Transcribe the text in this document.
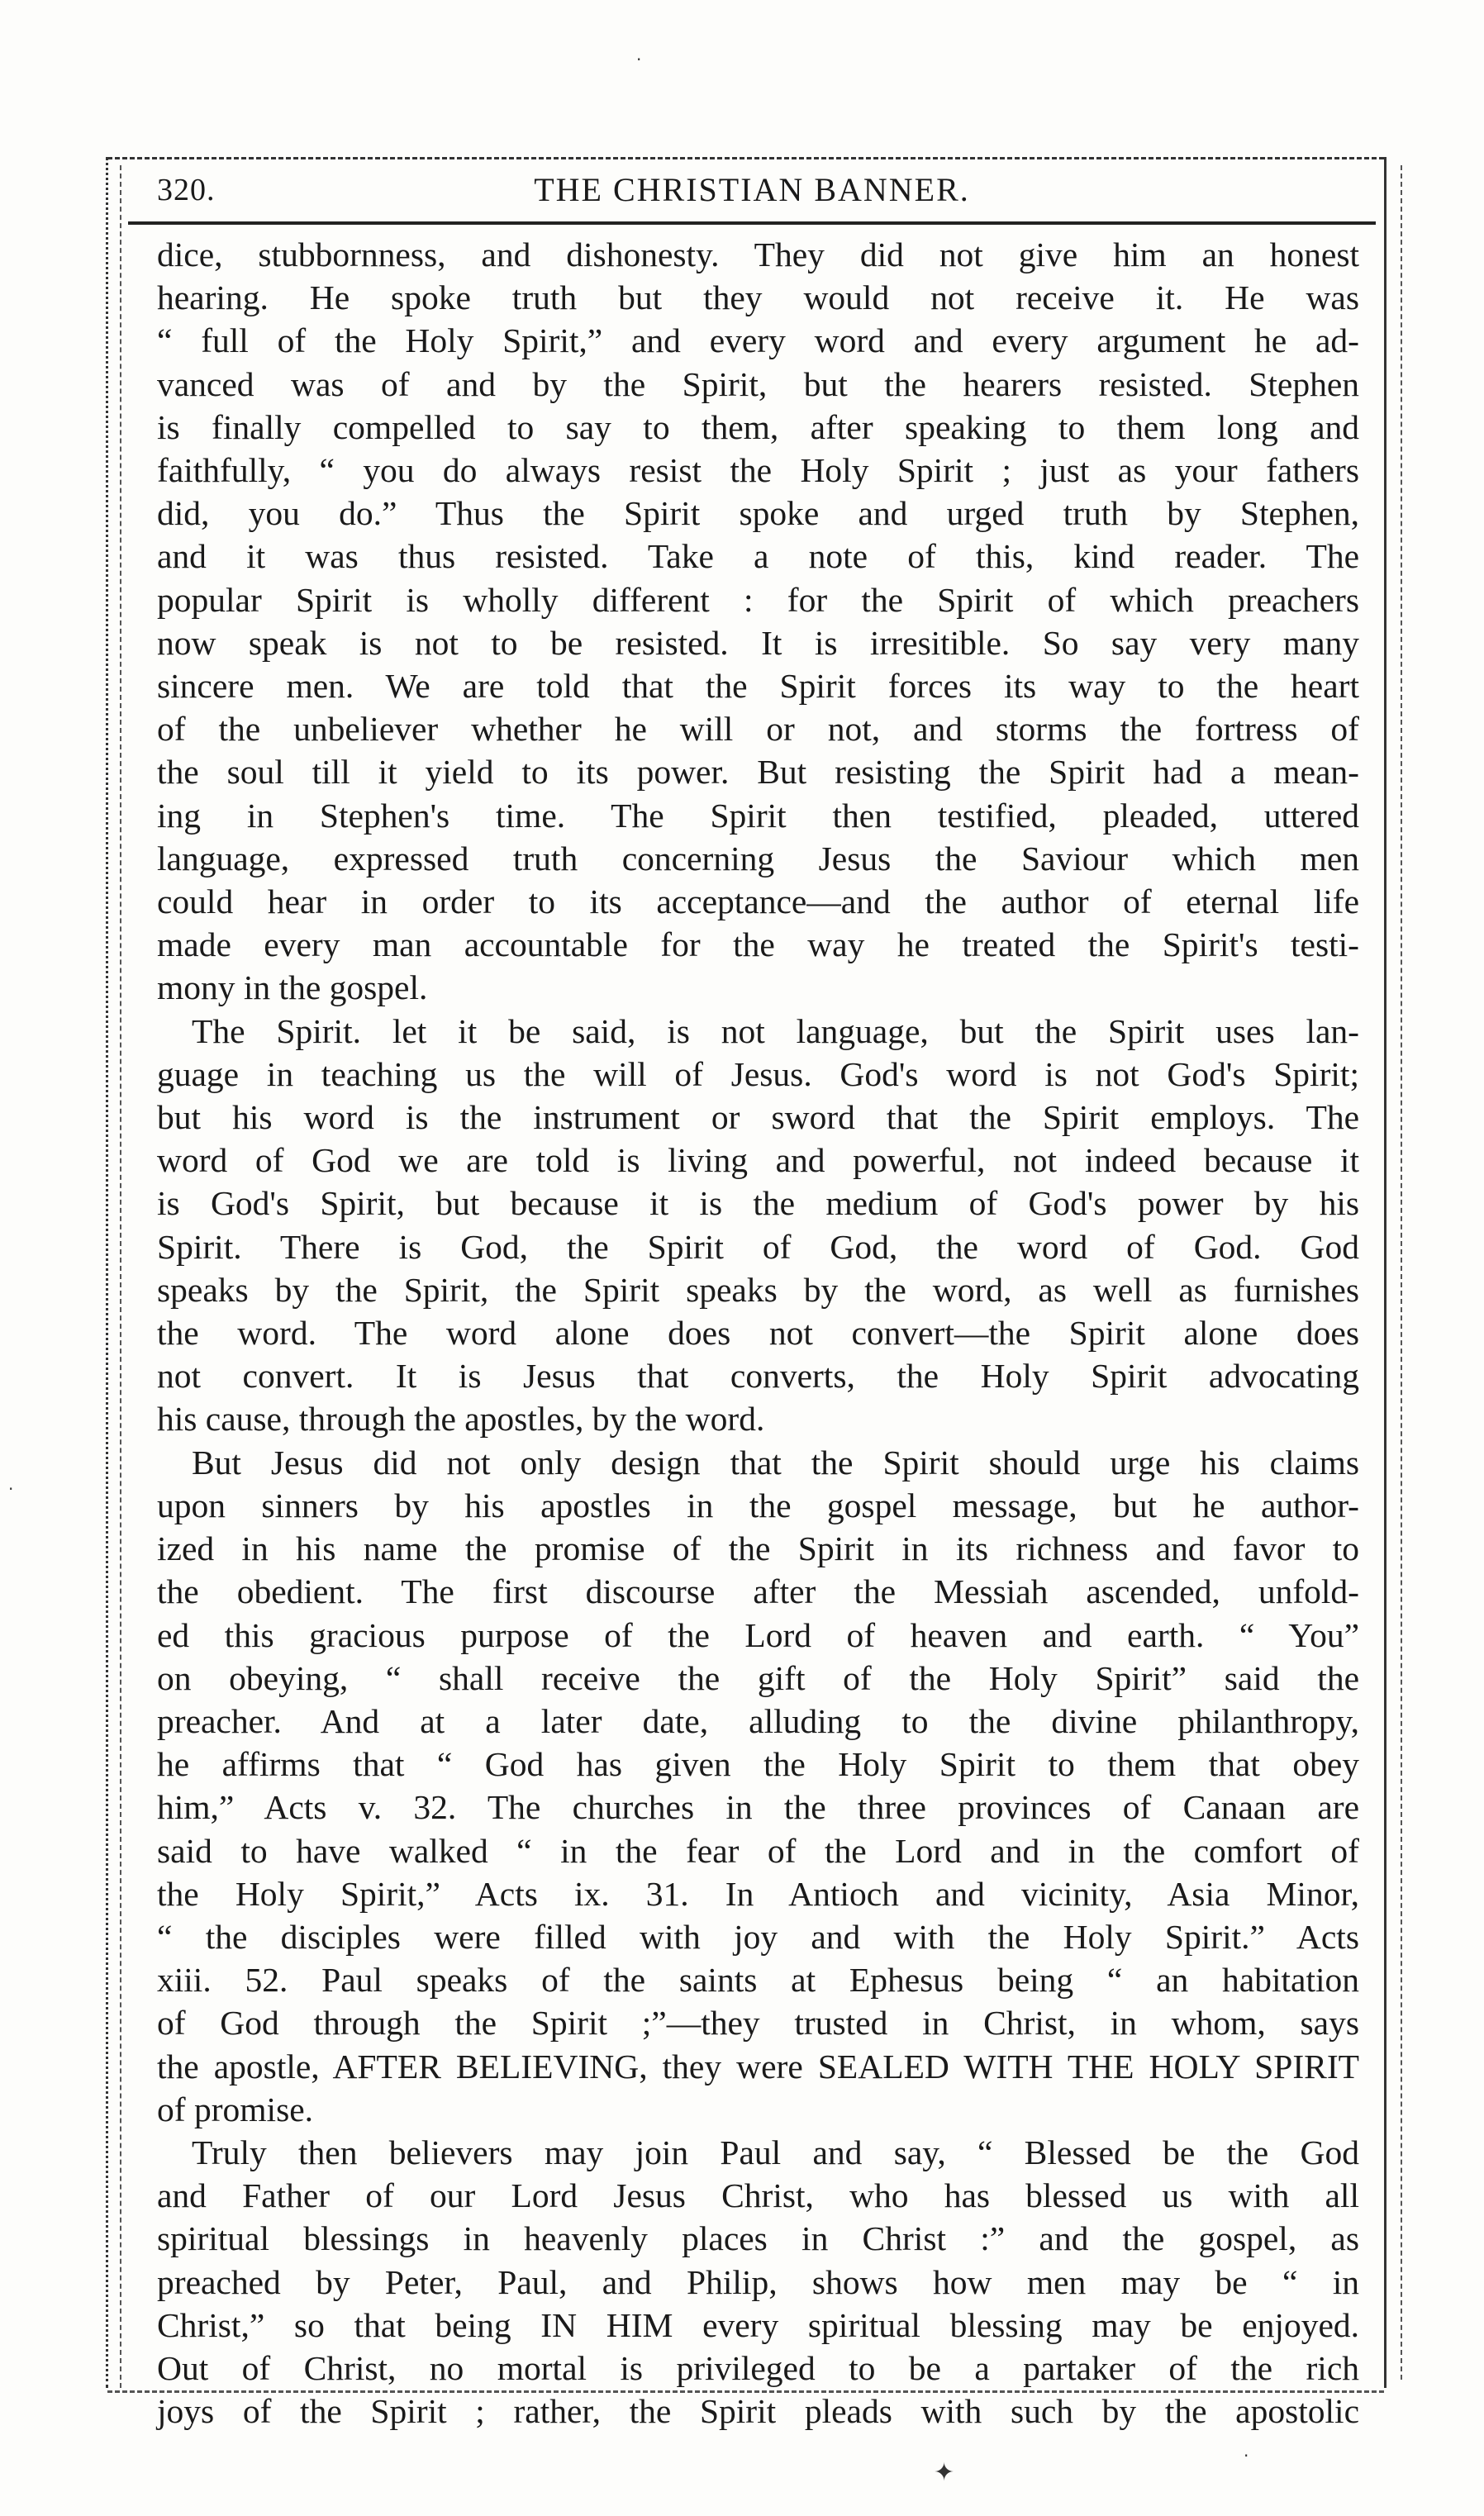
320.	THE CHRISTIAN BANNER.
dice, stubbornness, and dishonesty. They did not give him an honest
hearing. He spoke truth but they would not receive it. He was
“ full of the Holy Spirit,” and every word and every argument he ad-
vanced was of and by the Spirit, but the hearers resisted. Stephen
is finally compelled to say to them, after speaking to them long and
faithfully, “ you do always resist the Holy Spirit ; just as your fathers
did, you do.” Thus the Spirit spoke and urged truth by Stephen,
and it was thus resisted. Take a note of this, kind reader. The
popular Spirit is wholly different : for the Spirit of which preachers
now speak is not to be resisted. It is irresitible. So say very many
sincere men. We are told that the Spirit forces its way to the heart
of the unbeliever whether he will or not, and storms the fortress of
the soul till it yield to its power. But resisting the Spirit had a mean-
ing in Stephen's time. The Spirit then testified, pleaded, uttered
language, expressed truth concerning Jesus the Saviour which men
could hear in order to its acceptance—and the author of eternal life
made every man accountable for the way he treated the Spirit's testi-
mony in the gospel.
The Spirit. let it be said, is not language, but the Spirit uses lan-
guage in teaching us the will of Jesus. God's word is not God's Spirit;
but his word is the instrument or sword that the Spirit employs. The
word of God we are told is living and powerful, not indeed because it
is God's Spirit, but because it is the medium of God's power by his
Spirit. There is God, the Spirit of God, the word of God. God
speaks by the Spirit, the Spirit speaks by the word, as well as furnishes
the word. The word alone does not convert—the Spirit alone does
not convert. It is Jesus that converts, the Holy Spirit advocating
his cause, through the apostles, by the word.
But Jesus did not only design that the Spirit should urge his claims
upon sinners by his apostles in the gospel message, but he author-
ized in his name the promise of the Spirit in its richness and favor to
the obedient. The first discourse after the Messiah ascended, unfold-
ed this gracious purpose of the Lord of heaven and earth. “ You”
on obeying, “ shall receive the gift of the Holy Spirit” said the
preacher. And at a later date, alluding to the divine philanthropy,
he affirms that “ God has given the Holy Spirit to them that obey
him,” Acts v. 32. The churches in the three provinces of Canaan are
said to have walked “ in the fear of the Lord and in the comfort of
the Holy Spirit,” Acts ix. 31. In Antioch and vicinity, Asia Minor,
“ the disciples were filled with joy and with the Holy Spirit.” Acts
xiii. 52. Paul speaks of the saints at Ephesus being “ an habitation
of God through the Spirit ;”—they trusted in Christ, in whom, says
the apostle, AFTER BELIEVING, they were SEALED WITH THE HOLY SPIRIT
of promise.
Truly then believers may join Paul and say, “ Blessed be the God
and Father of our Lord Jesus Christ, who has blessed us with all
spiritual blessings in heavenly places in Christ :” and the gospel, as
preached by Peter, Paul, and Philip, shows how men may be “ in
Christ,” so that being IN HIM every spiritual blessing may be enjoyed.
Out of Christ, no mortal is privileged to be a partaker of the rich
joys of the Spirit ; rather, the Spirit pleads with such by the apostolic
·
·
·
✦
